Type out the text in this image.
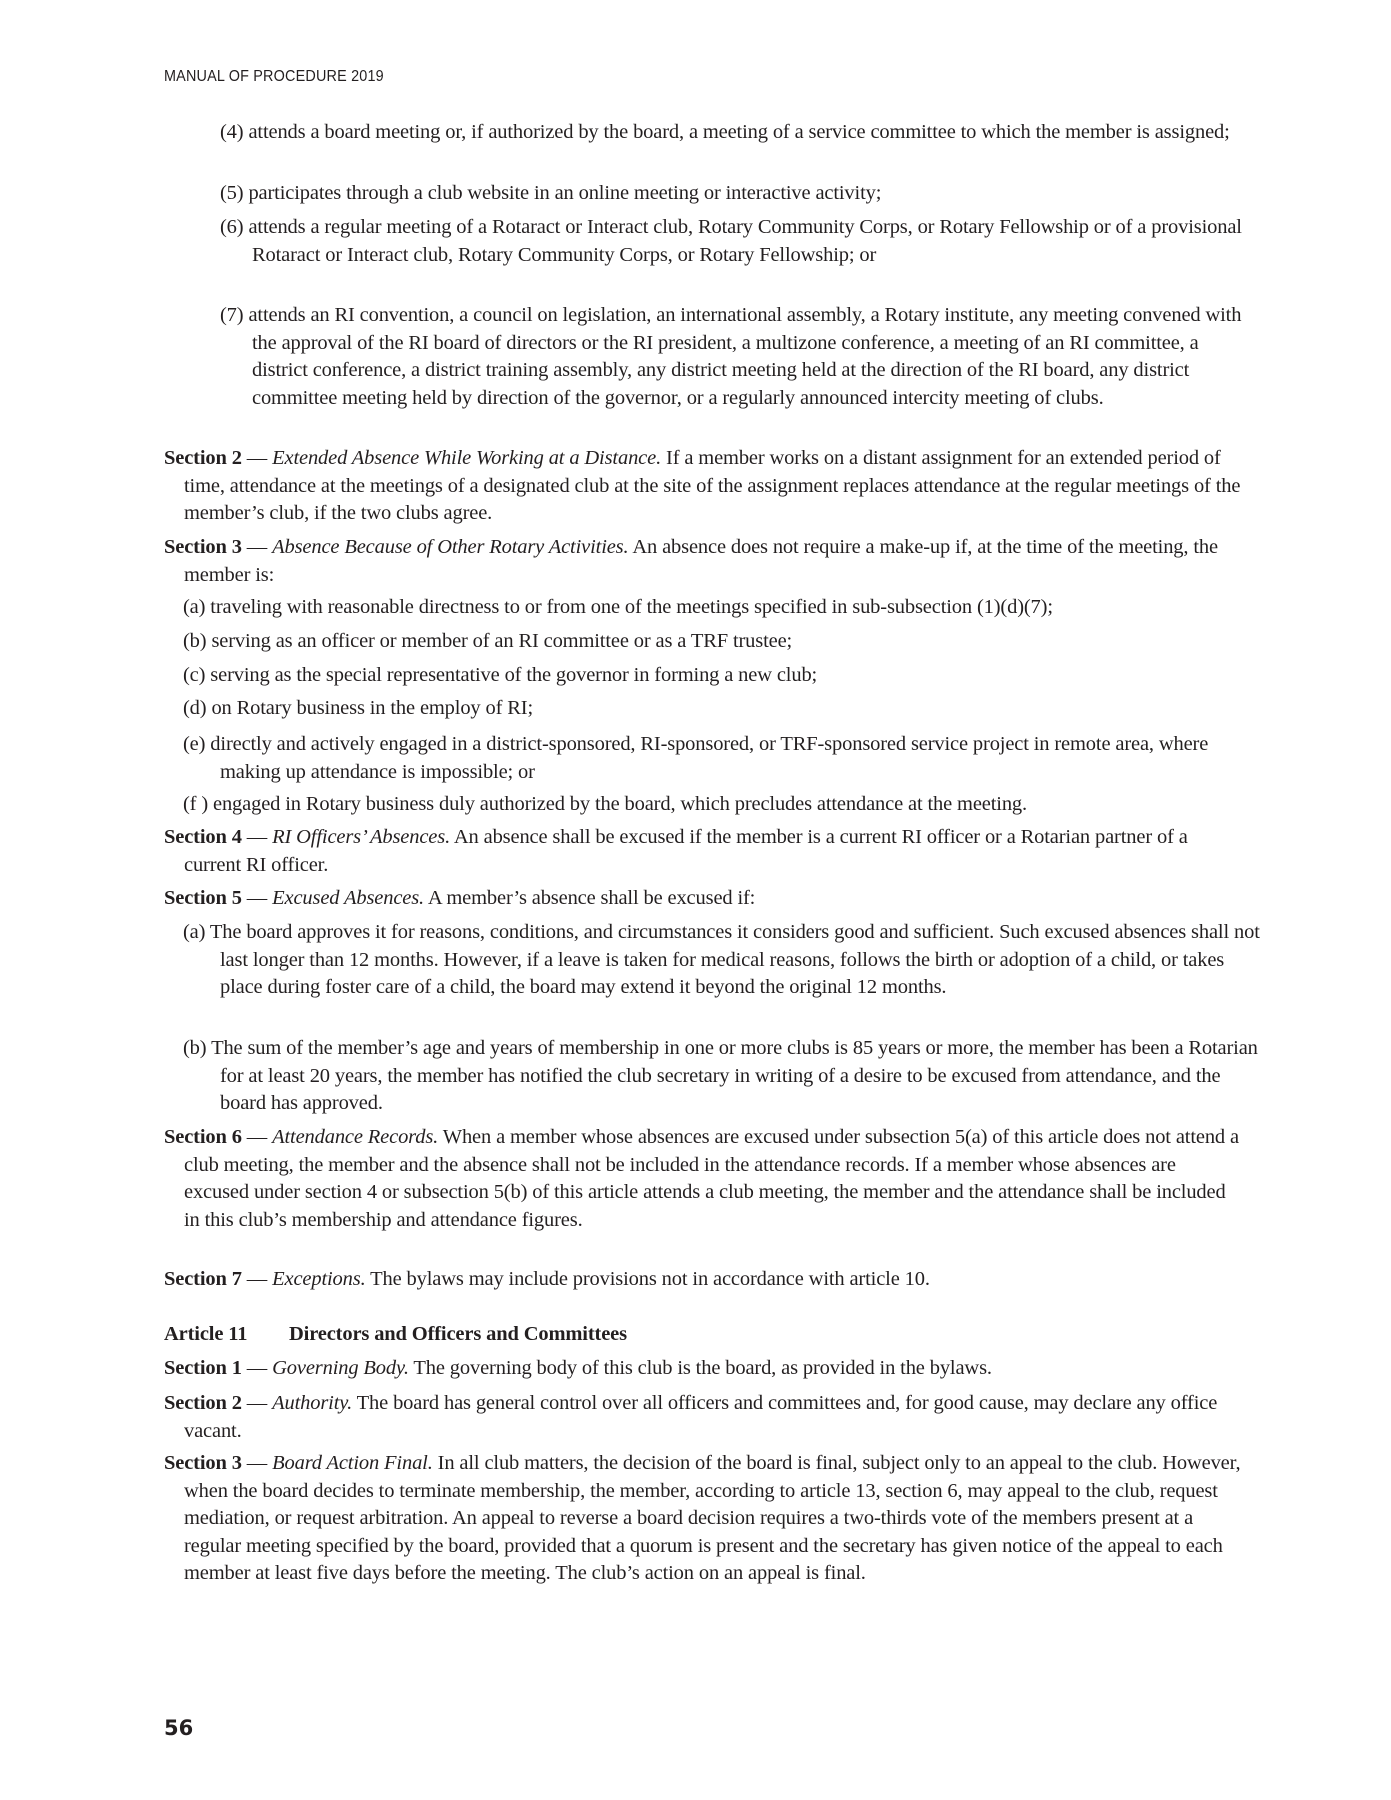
MANUAL OF PROCEDURE 2019
(4) attends a board meeting or, if authorized by the board, a meeting of a service committee to which the member is assigned;
(5) participates through a club website in an online meeting or interactive activity;
(6) attends a regular meeting of a Rotaract or Interact club, Rotary Community Corps, or Rotary Fellowship or of a provisional Rotaract or Interact club, Rotary Community Corps, or Rotary Fellowship; or
(7) attends an RI convention, a council on legislation, an international assembly, a Rotary institute, any meeting convened with the approval of the RI board of directors or the RI president, a multizone conference, a meeting of an RI committee, a district conference, a district training assembly, any district meeting held at the direction of the RI board, any district committee meeting held by direction of the governor, or a regularly announced intercity meeting of clubs.
Section 2 — Extended Absence While Working at a Distance. If a member works on a distant assignment for an extended period of time, attendance at the meetings of a designated club at the site of the assignment replaces attendance at the regular meetings of the member’s club, if the two clubs agree.
Section 3 — Absence Because of Other Rotary Activities. An absence does not require a make-up if, at the time of the meeting, the member is:
(a) traveling with reasonable directness to or from one of the meetings specified in sub-subsection (1)(d)(7);
(b) serving as an officer or member of an RI committee or as a TRF trustee;
(c) serving as the special representative of the governor in forming a new club;
(d) on Rotary business in the employ of RI;
(e) directly and actively engaged in a district-sponsored, RI-sponsored, or TRF-sponsored service project in remote area, where making up attendance is impossible; or
(f ) engaged in Rotary business duly authorized by the board, which precludes attendance at the meeting.
Section 4 — RI Officers’ Absences. An absence shall be excused if the member is a current RI officer or a Rotarian partner of a current RI officer.
Section 5 — Excused Absences. A member’s absence shall be excused if:
(a) The board approves it for reasons, conditions, and circumstances it considers good and sufficient. Such excused absences shall not last longer than 12 months. However, if a leave is taken for medical reasons, follows the birth or adoption of a child, or takes place during foster care of a child, the board may extend it beyond the original 12 months.
(b) The sum of the member’s age and years of membership in one or more clubs is 85 years or more, the member has been a Rotarian for at least 20 years, the member has notified the club secretary in writing of a desire to be excused from attendance, and the board has approved.
Section 6 — Attendance Records. When a member whose absences are excused under subsection 5(a) of this article does not attend a club meeting, the member and the absence shall not be included in the attendance records. If a member whose absences are excused under section 4 or subsection 5(b) of this article attends a club meeting, the member and the attendance shall be included in this club’s membership and attendance figures.
Section 7 — Exceptions. The bylaws may include provisions not in accordance with article 10.
Article 11 Directors and Officers and Committees
Section 1 — Governing Body. The governing body of this club is the board, as provided in the bylaws.
Section 2 — Authority. The board has general control over all officers and committees and, for good cause, may declare any office vacant.
Section 3 — Board Action Final. In all club matters, the decision of the board is final, subject only to an appeal to the club. However, when the board decides to terminate membership, the member, according to article 13, section 6, may appeal to the club, request mediation, or request arbitration. An appeal to reverse a board decision requires a two-thirds vote of the members present at a regular meeting specified by the board, provided that a quorum is present and the secretary has given notice of the appeal to each member at least five days before the meeting. The club’s action on an appeal is final.
56
